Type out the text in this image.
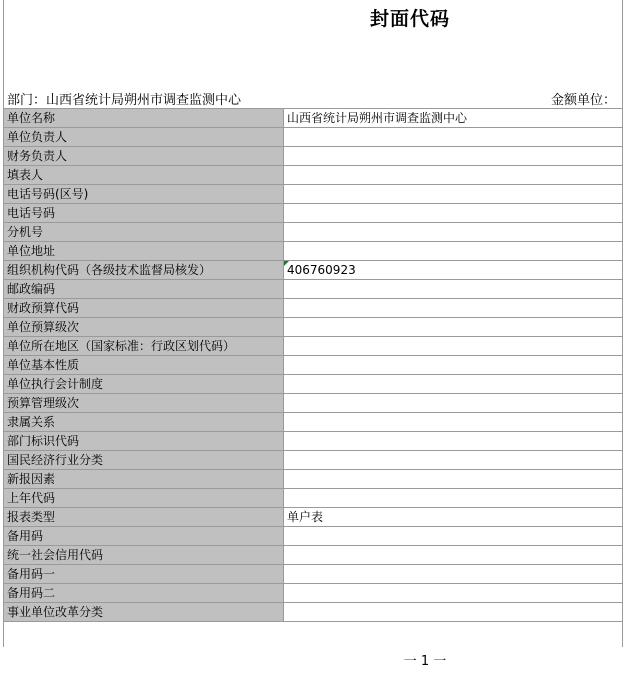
封面代码
部门：山西省统计局朔州市调查监测中心	金额单位：
单位名称	山西省统计局朔州市调查监测中心
单位负责人	
财务负责人	
填表人	
电话号码(区号)	
电话号码	
分机号	
单位地址	
组织机构代码（各级技术监督局核发）	406760923
邮政编码	
财政预算代码	
单位预算级次	
单位所在地区（国家标准：行政区划代码）	
单位基本性质	
单位执行会计制度	
预算管理级次	
隶属关系	
部门标识代码	
国民经济行业分类	
新报因素	
上年代码	
报表类型	单户表
备用码	
统一社会信用代码	
备用码一	
备用码二	
事业单位改革分类	
一 1 一
